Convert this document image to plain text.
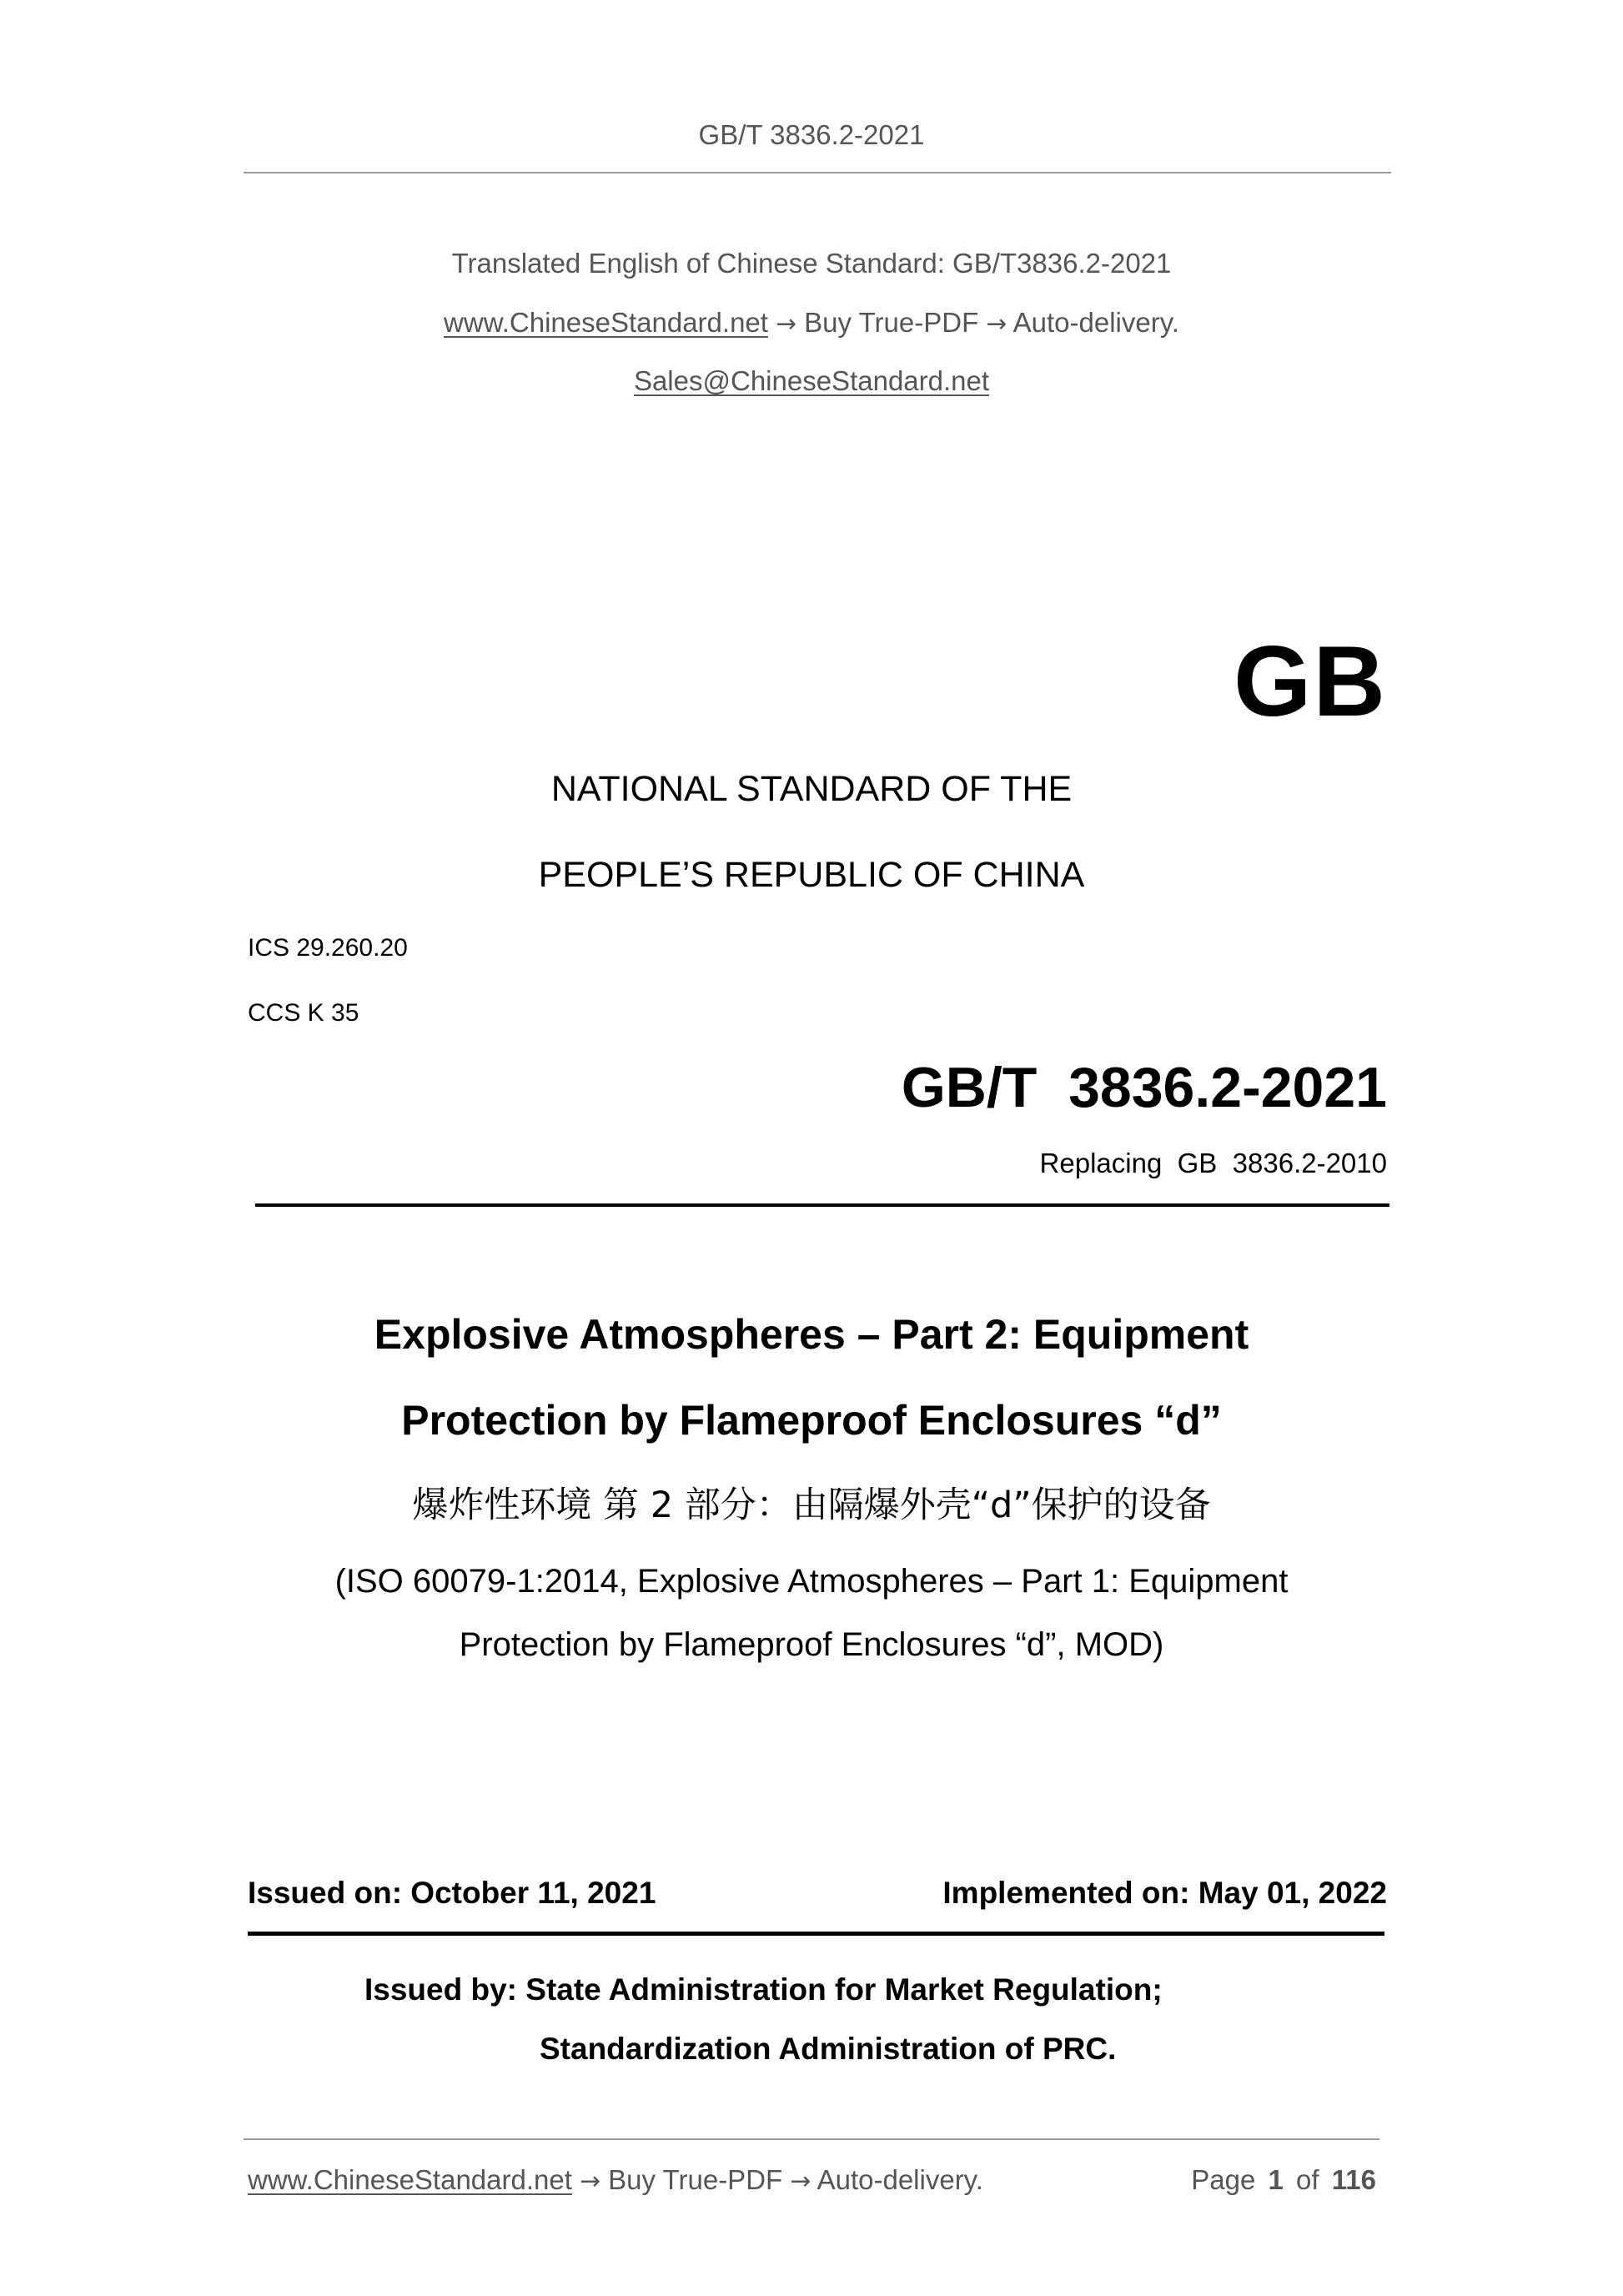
GB/T 3836.2-2021
Translated English of Chinese Standard: GB/T3836.2-2021
www.ChineseStandard.net → Buy True-PDF → Auto-delivery.
Sales@ChineseStandard.net
GB
NATIONAL STANDARD OF THE
PEOPLE’S REPUBLIC OF CHINA
ICS 29.260.20
CCS K 35
GB/T  3836.2-2021
Replacing  GB  3836.2-2010
Explosive Atmospheres – Part 2: Equipment
Protection by Flameproof Enclosures “d”
爆炸性环境 第 2 部分：由隔爆外壳“d”保护的设备
(ISO 60079-1:2014, Explosive Atmospheres – Part 1: Equipment
Protection by Flameproof Enclosures “d”, MOD)
Issued on: October 11, 2021	Implemented on: May 01, 2022
Issued by: State Administration for Market Regulation;
Standardization Administration of PRC.
www.ChineseStandard.net → Buy True-PDF → Auto-delivery.	Page 1 of 116
